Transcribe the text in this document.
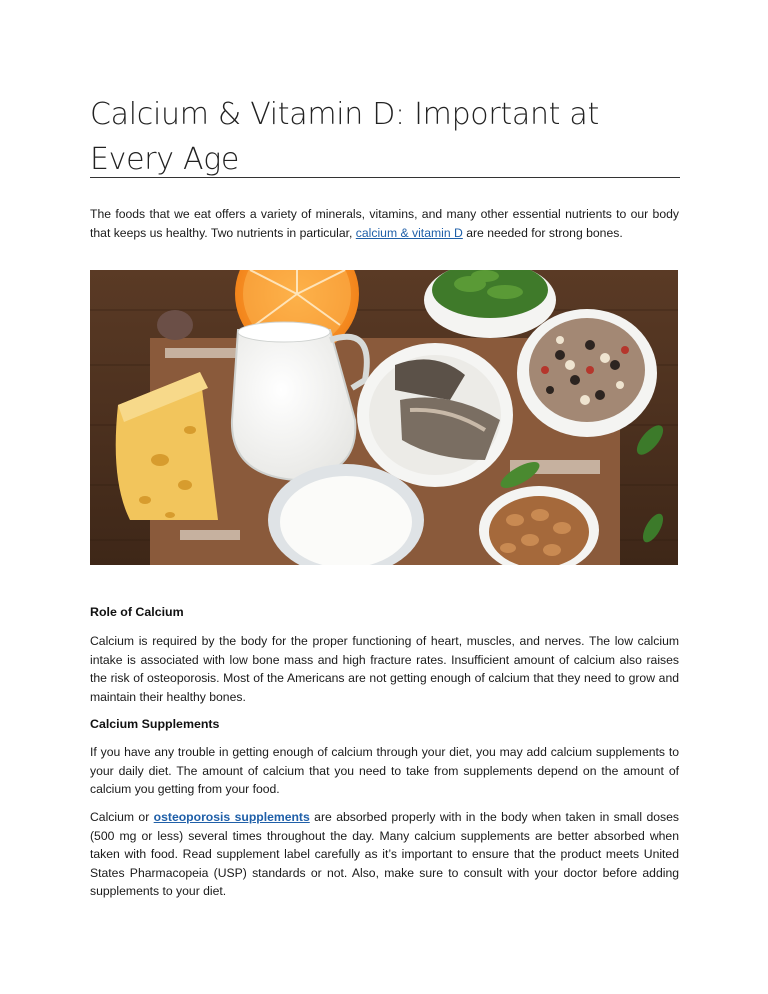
Calcium & Vitamin D: Important at Every Age

The foods that we eat offers a variety of minerals, vitamins, and many other essential nutrients to our body that keeps us healthy. Two nutrients in particular, calcium & vitamin D are needed for strong bones.

Role of Calcium

Calcium is required by the body for the proper functioning of heart, muscles, and nerves. The low calcium intake is associated with low bone mass and high fracture rates. Insufficient amount of calcium also raises the risk of osteoporosis. Most of the Americans are not getting enough of calcium that they need to grow and maintain their healthy bones.

Calcium Supplements

If you have any trouble in getting enough of calcium through your diet, you may add calcium supplements to your daily diet. The amount of calcium that you need to take from supplements depend on the amount of calcium you getting from your food.

Calcium or osteoporosis supplements are absorbed properly with in the body when taken in small doses (500 mg or less) several times throughout the day. Many calcium supplements are better absorbed when taken with food. Read supplement label carefully as it’s important to ensure that the product meets United States Pharmacopeia (USP) standards or not. Also, make sure to consult with your doctor before adding supplements to your diet.
